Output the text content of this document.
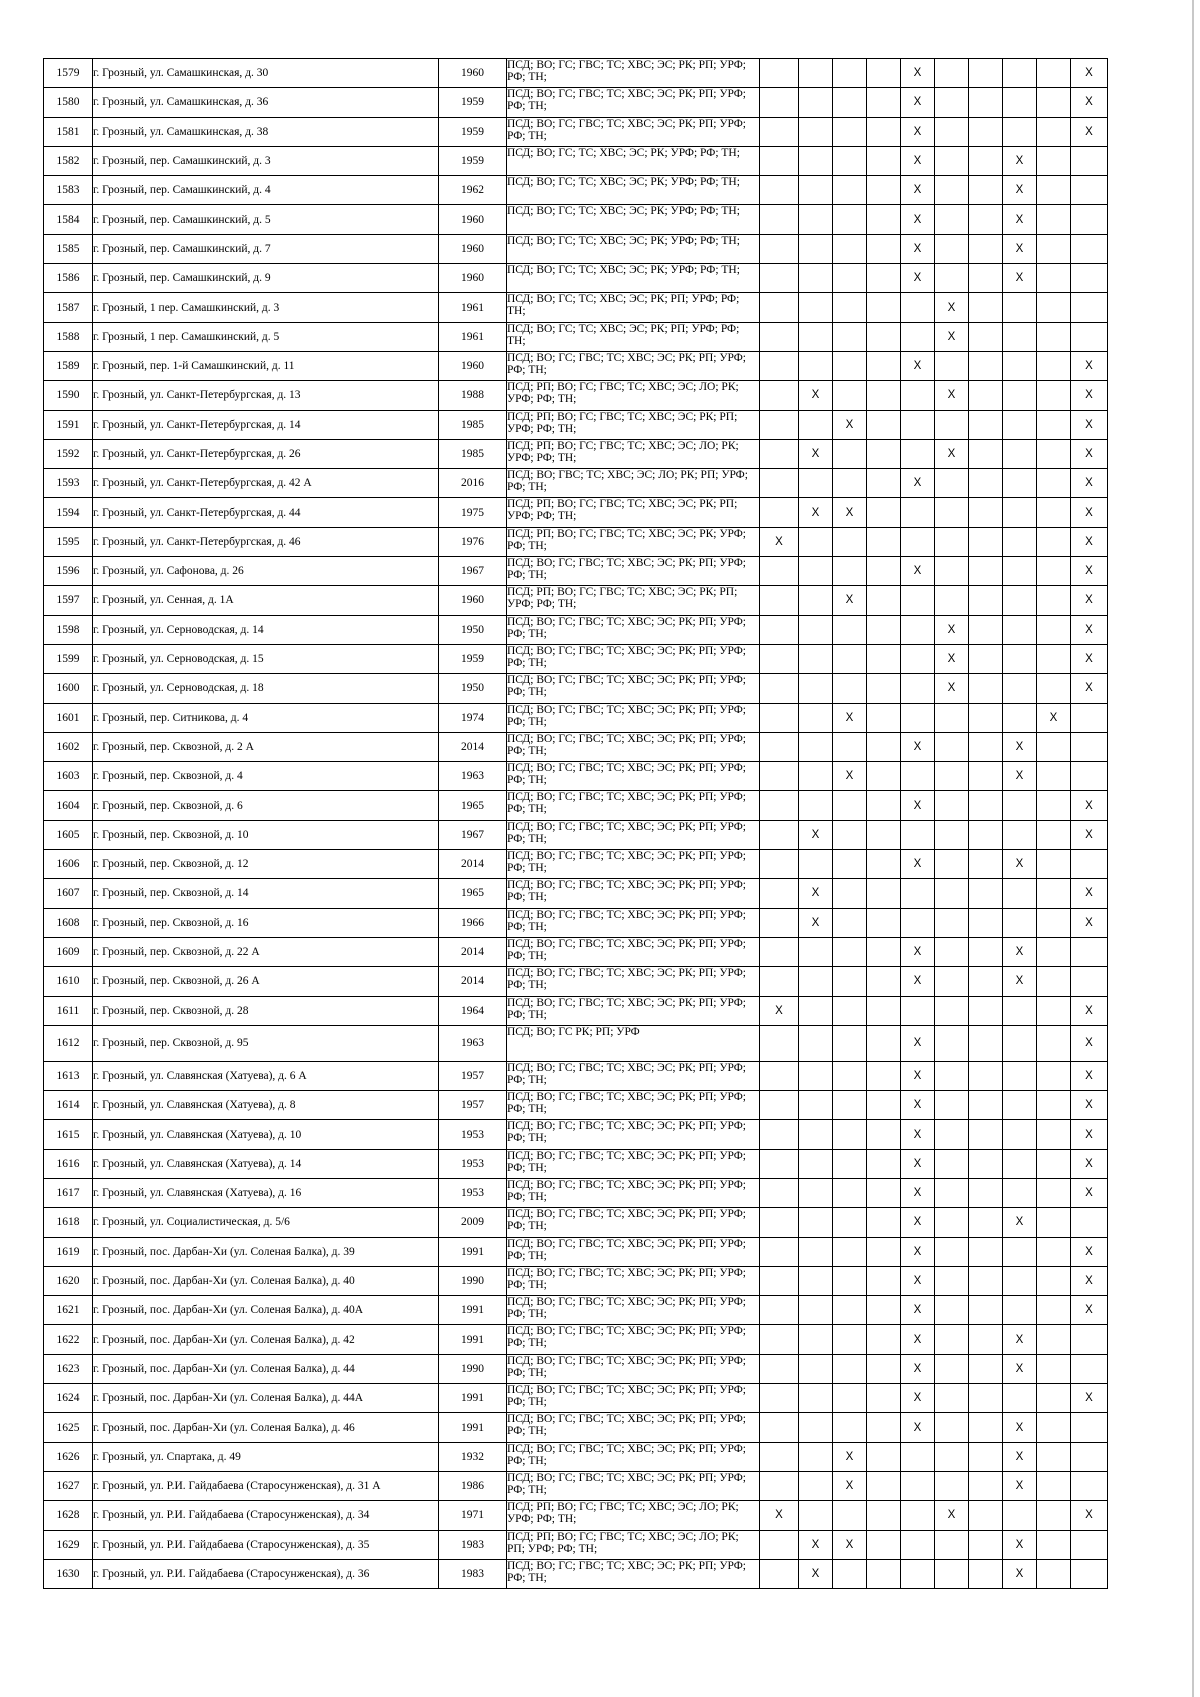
1579	г. Грозный, ул. Самашкинская, д. 30	1960	ПСД; ВО; ГС; ГВС; ТС; ХВС; ЭС; РК; РП; УРФ; РФ; ТН;					X					X
1580	г. Грозный, ул. Самашкинская, д. 36	1959	ПСД; ВО; ГС; ГВС; ТС; ХВС; ЭС; РК; РП; УРФ; РФ; ТН;					X					X
1581	г. Грозный, ул. Самашкинская, д. 38	1959	ПСД; ВО; ГС; ГВС; ТС; ХВС; ЭС; РК; РП; УРФ; РФ; ТН;					X					X
1582	г. Грозный, пер. Самашкинский, д. 3	1959	ПСД; ВО; ГС; ТС; ХВС; ЭС; РК; УРФ; РФ; ТН;					X			X		
1583	г. Грозный, пер. Самашкинский, д. 4	1962	ПСД; ВО; ГС; ТС; ХВС; ЭС; РК; УРФ; РФ; ТН;					X			X		
1584	г. Грозный, пер. Самашкинский, д. 5	1960	ПСД; ВО; ГС; ТС; ХВС; ЭС; РК; УРФ; РФ; ТН;					X			X		
1585	г. Грозный, пер. Самашкинский, д. 7	1960	ПСД; ВО; ГС; ТС; ХВС; ЭС; РК; УРФ; РФ; ТН;					X			X		
1586	г. Грозный, пер. Самашкинский, д. 9	1960	ПСД; ВО; ГС; ТС; ХВС; ЭС; РК; УРФ; РФ; ТН;					X			X		
1587	г. Грозный, 1 пер. Самашкинский, д. 3	1961	ПСД; ВО; ГС; ТС; ХВС; ЭС; РК; РП; УРФ; РФ; ТН;						X				
1588	г. Грозный, 1 пер. Самашкинский, д. 5	1961	ПСД; ВО; ГС; ТС; ХВС; ЭС; РК; РП; УРФ; РФ; ТН;						X				
1589	г. Грозный, пер. 1-й Самашкинский, д. 11	1960	ПСД; ВО; ГС; ГВС; ТС; ХВС; ЭС; РК; РП; УРФ; РФ; ТН;					X					X
1590	г. Грозный, ул. Санкт-Петербургская, д. 13	1988	ПСД; РП; ВО; ГС; ГВС; ТС; ХВС; ЭС; ЛО; РК; УРФ; РФ; ТН;		X				X				X
1591	г. Грозный, ул. Санкт-Петербургская, д. 14	1985	ПСД; РП; ВО; ГС; ГВС; ТС; ХВС; ЭС; РК; РП; УРФ; РФ; ТН;			X							X
1592	г. Грозный, ул. Санкт-Петербургская, д. 26	1985	ПСД; РП; ВО; ГС; ГВС; ТС; ХВС; ЭС; ЛО; РК; УРФ; РФ; ТН;		X				X				X
1593	г. Грозный, ул. Санкт-Петербургская, д. 42 А	2016	ПСД; ВО; ГВС; ТС; ХВС; ЭС; ЛО; РК; РП; УРФ; РФ; ТН;					X					X
1594	г. Грозный, ул. Санкт-Петербургская, д. 44	1975	ПСД; РП; ВО; ГС; ГВС; ТС; ХВС; ЭС; РК; РП; УРФ; РФ; ТН;		X	X							X
1595	г. Грозный, ул. Санкт-Петербургская, д. 46	1976	ПСД; РП; ВО; ГС; ГВС; ТС; ХВС; ЭС; РК; УРФ; РФ; ТН;	X									X
1596	г. Грозный, ул. Сафонова, д. 26	1967	ПСД; ВО; ГС; ГВС; ТС; ХВС; ЭС; РК; РП; УРФ; РФ; ТН;					X					X
1597	г. Грозный, ул. Сенная, д. 1А	1960	ПСД; РП; ВО; ГС; ГВС; ТС; ХВС; ЭС; РК; РП; УРФ; РФ; ТН;			X							X
1598	г. Грозный, ул. Серноводская, д. 14	1950	ПСД; ВО; ГС; ГВС; ТС; ХВС; ЭС; РК; РП; УРФ; РФ; ТН;						X				X
1599	г. Грозный, ул. Серноводская, д. 15	1959	ПСД; ВО; ГС; ГВС; ТС; ХВС; ЭС; РК; РП; УРФ; РФ; ТН;						X				X
1600	г. Грозный, ул. Серноводская, д. 18	1950	ПСД; ВО; ГС; ГВС; ТС; ХВС; ЭС; РК; РП; УРФ; РФ; ТН;						X				X
1601	г. Грозный, пер. Ситникова, д. 4	1974	ПСД; ВО; ГС; ГВС; ТС; ХВС; ЭС; РК; РП; УРФ; РФ; ТН;			X						X	
1602	г. Грозный, пер. Сквозной, д. 2 А	2014	ПСД; ВО; ГС; ГВС; ТС; ХВС; ЭС; РК; РП; УРФ; РФ; ТН;					X			X		
1603	г. Грозный, пер. Сквозной, д. 4	1963	ПСД; ВО; ГС; ГВС; ТС; ХВС; ЭС; РК; РП; УРФ; РФ; ТН;			X					X		
1604	г. Грозный, пер. Сквозной, д. 6	1965	ПСД; ВО; ГС; ГВС; ТС; ХВС; ЭС; РК; РП; УРФ; РФ; ТН;					X					X
1605	г. Грозный, пер. Сквозной, д. 10	1967	ПСД; ВО; ГС; ГВС; ТС; ХВС; ЭС; РК; РП; УРФ; РФ; ТН;		X								X
1606	г. Грозный, пер. Сквозной, д. 12	2014	ПСД; ВО; ГС; ГВС; ТС; ХВС; ЭС; РК; РП; УРФ; РФ; ТН;					X			X		
1607	г. Грозный, пер. Сквозной, д. 14	1965	ПСД; ВО; ГС; ГВС; ТС; ХВС; ЭС; РК; РП; УРФ; РФ; ТН;		X								X
1608	г. Грозный, пер. Сквозной, д. 16	1966	ПСД; ВО; ГС; ГВС; ТС; ХВС; ЭС; РК; РП; УРФ; РФ; ТН;		X								X
1609	г. Грозный, пер. Сквозной, д. 22 А	2014	ПСД; ВО; ГС; ГВС; ТС; ХВС; ЭС; РК; РП; УРФ; РФ; ТН;					X			X		
1610	г. Грозный, пер. Сквозной, д. 26 А	2014	ПСД; ВО; ГС; ГВС; ТС; ХВС; ЭС; РК; РП; УРФ; РФ; ТН;					X			X		
1611	г. Грозный, пер. Сквозной, д. 28	1964	ПСД; ВО; ГС; ГВС; ТС; ХВС; ЭС; РК; РП; УРФ; РФ; ТН;	X									X
1612	г. Грозный, пер. Сквозной, д. 95	1963	ПСД; ВО; ГС РК; РП; УРФ					X					X
1613	г. Грозный, ул. Славянская (Хатуева), д. 6 А	1957	ПСД; ВО; ГС; ГВС; ТС; ХВС; ЭС; РК; РП; УРФ; РФ; ТН;					X					X
1614	г. Грозный, ул. Славянская (Хатуева), д. 8	1957	ПСД; ВО; ГС; ГВС; ТС; ХВС; ЭС; РК; РП; УРФ; РФ; ТН;					X					X
1615	г. Грозный, ул. Славянская (Хатуева), д. 10	1953	ПСД; ВО; ГС; ГВС; ТС; ХВС; ЭС; РК; РП; УРФ; РФ; ТН;					X					X
1616	г. Грозный, ул. Славянская (Хатуева), д. 14	1953	ПСД; ВО; ГС; ГВС; ТС; ХВС; ЭС; РК; РП; УРФ; РФ; ТН;					X					X
1617	г. Грозный, ул. Славянская (Хатуева), д. 16	1953	ПСД; ВО; ГС; ГВС; ТС; ХВС; ЭС; РК; РП; УРФ; РФ; ТН;					X					X
1618	г. Грозный, ул. Социалистическая, д. 5/6	2009	ПСД; ВО; ГС; ГВС; ТС; ХВС; ЭС; РК; РП; УРФ; РФ; ТН;					X			X		
1619	г. Грозный, пос. Дарбан-Хи (ул. Соленая Балка), д. 39	1991	ПСД; ВО; ГС; ГВС; ТС; ХВС; ЭС; РК; РП; УРФ; РФ; ТН;					X					X
1620	г. Грозный, пос. Дарбан-Хи (ул. Соленая Балка), д. 40	1990	ПСД; ВО; ГС; ГВС; ТС; ХВС; ЭС; РК; РП; УРФ; РФ; ТН;					X					X
1621	г. Грозный, пос. Дарбан-Хи (ул. Соленая Балка), д. 40А	1991	ПСД; ВО; ГС; ГВС; ТС; ХВС; ЭС; РК; РП; УРФ; РФ; ТН;					X					X
1622	г. Грозный, пос. Дарбан-Хи (ул. Соленая Балка), д. 42	1991	ПСД; ВО; ГС; ГВС; ТС; ХВС; ЭС; РК; РП; УРФ; РФ; ТН;					X			X		
1623	г. Грозный, пос. Дарбан-Хи (ул. Соленая Балка), д. 44	1990	ПСД; ВО; ГС; ГВС; ТС; ХВС; ЭС; РК; РП; УРФ; РФ; ТН;					X			X		
1624	г. Грозный, пос. Дарбан-Хи (ул. Соленая Балка), д. 44А	1991	ПСД; ВО; ГС; ГВС; ТС; ХВС; ЭС; РК; РП; УРФ; РФ; ТН;					X					X
1625	г. Грозный, пос. Дарбан-Хи (ул. Соленая Балка), д. 46	1991	ПСД; ВО; ГС; ГВС; ТС; ХВС; ЭС; РК; РП; УРФ; РФ; ТН;					X			X		
1626	г. Грозный, ул. Спартака, д. 49	1932	ПСД; ВО; ГС; ГВС; ТС; ХВС; ЭС; РК; РП; УРФ; РФ; ТН;			X					X		
1627	г. Грозный, ул. Р.И. Гайдабаева (Старосунженская), д. 31 А	1986	ПСД; ВО; ГС; ГВС; ТС; ХВС; ЭС; РК; РП; УРФ; РФ; ТН;			X					X		
1628	г. Грозный, ул. Р.И. Гайдабаева (Старосунженская), д. 34	1971	ПСД; РП; ВО; ГС; ГВС; ТС; ХВС; ЭС; ЛО; РК; УРФ; РФ; ТН;	X					X				X
1629	г. Грозный, ул. Р.И. Гайдабаева (Старосунженская), д. 35	1983	ПСД; РП; ВО; ГС; ГВС; ТС; ХВС; ЭС; ЛО; РК; РП; УРФ; РФ; ТН;		X	X					X		
1630	г. Грозный, ул. Р.И. Гайдабаева (Старосунженская), д. 36	1983	ПСД; ВО; ГС; ГВС; ТС; ХВС; ЭС; РК; РП; УРФ; РФ; ТН;		X						X		
